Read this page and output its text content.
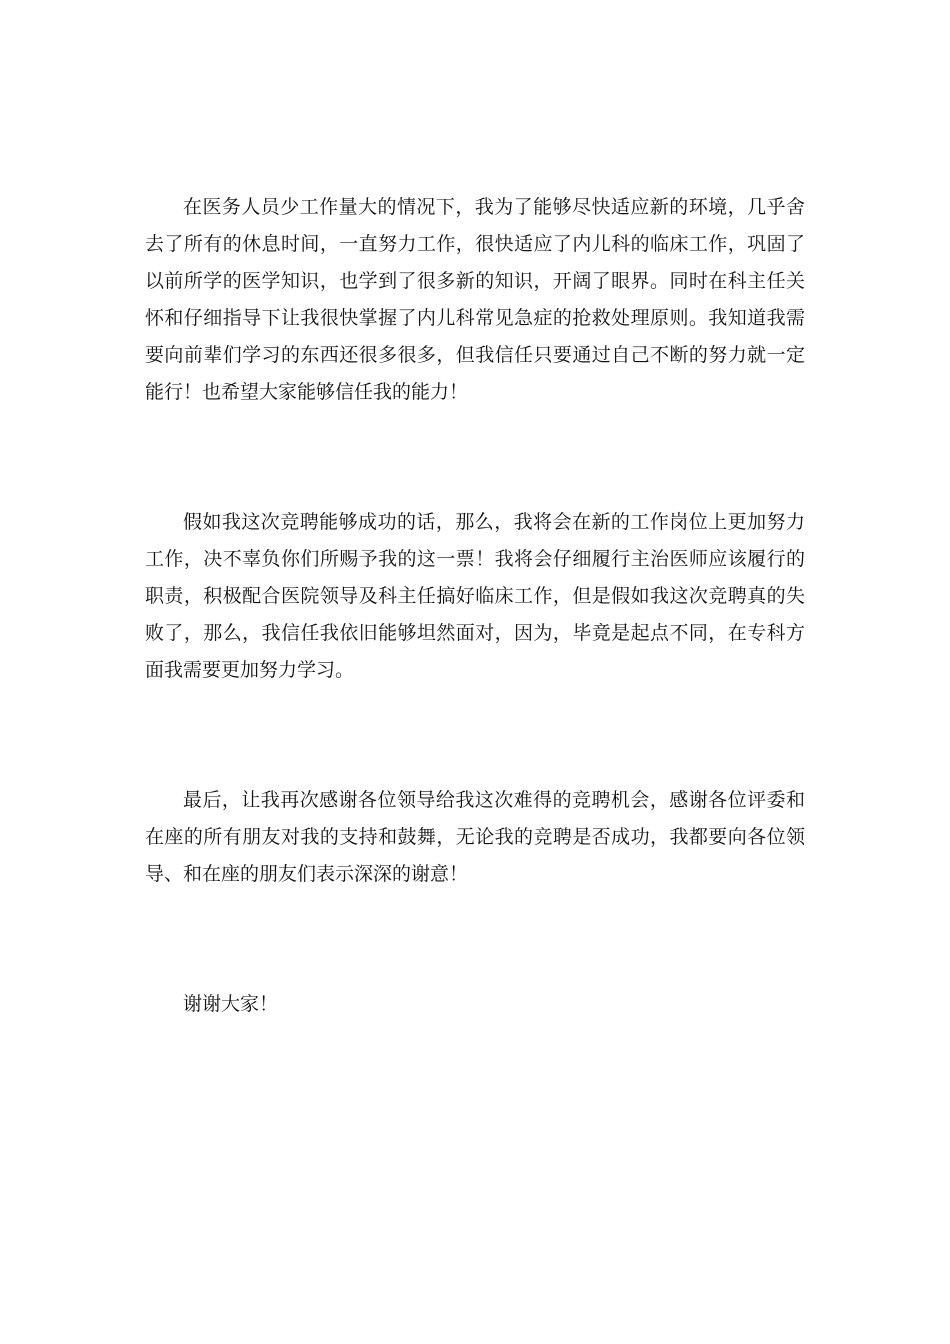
在医务人员少工作量大的情况下，我为了能够尽快适应新的环境，几乎舍去了所有的休息时间，一直努力工作，很快适应了内儿科的临床工作，巩固了以前所学的医学知识，也学到了很多新的知识，开阔了眼界。同时在科主任关怀和仔细指导下让我很快掌握了内儿科常见急症的抢救处理原则。我知道我需要向前辈们学习的东西还很多很多，但我信任只要通过自己不断的努力就一定能行！也希望大家能够信任我的能力！

假如我这次竞聘能够成功的话，那么，我将会在新的工作岗位上更加努力工作，决不辜负你们所赐予我的这一票！我将会仔细履行主治医师应该履行的职责，积极配合医院领导及科主任搞好临床工作，但是假如我这次竞聘真的失败了，那么，我信任我依旧能够坦然面对，因为，毕竟是起点不同，在专科方面我需要更加努力学习。

最后，让我再次感谢各位领导给我这次难得的竞聘机会，感谢各位评委和在座的所有朋友对我的支持和鼓舞，无论我的竞聘是否成功，我都要向各位领导、和在座的朋友们表示深深的谢意！

谢谢大家！
